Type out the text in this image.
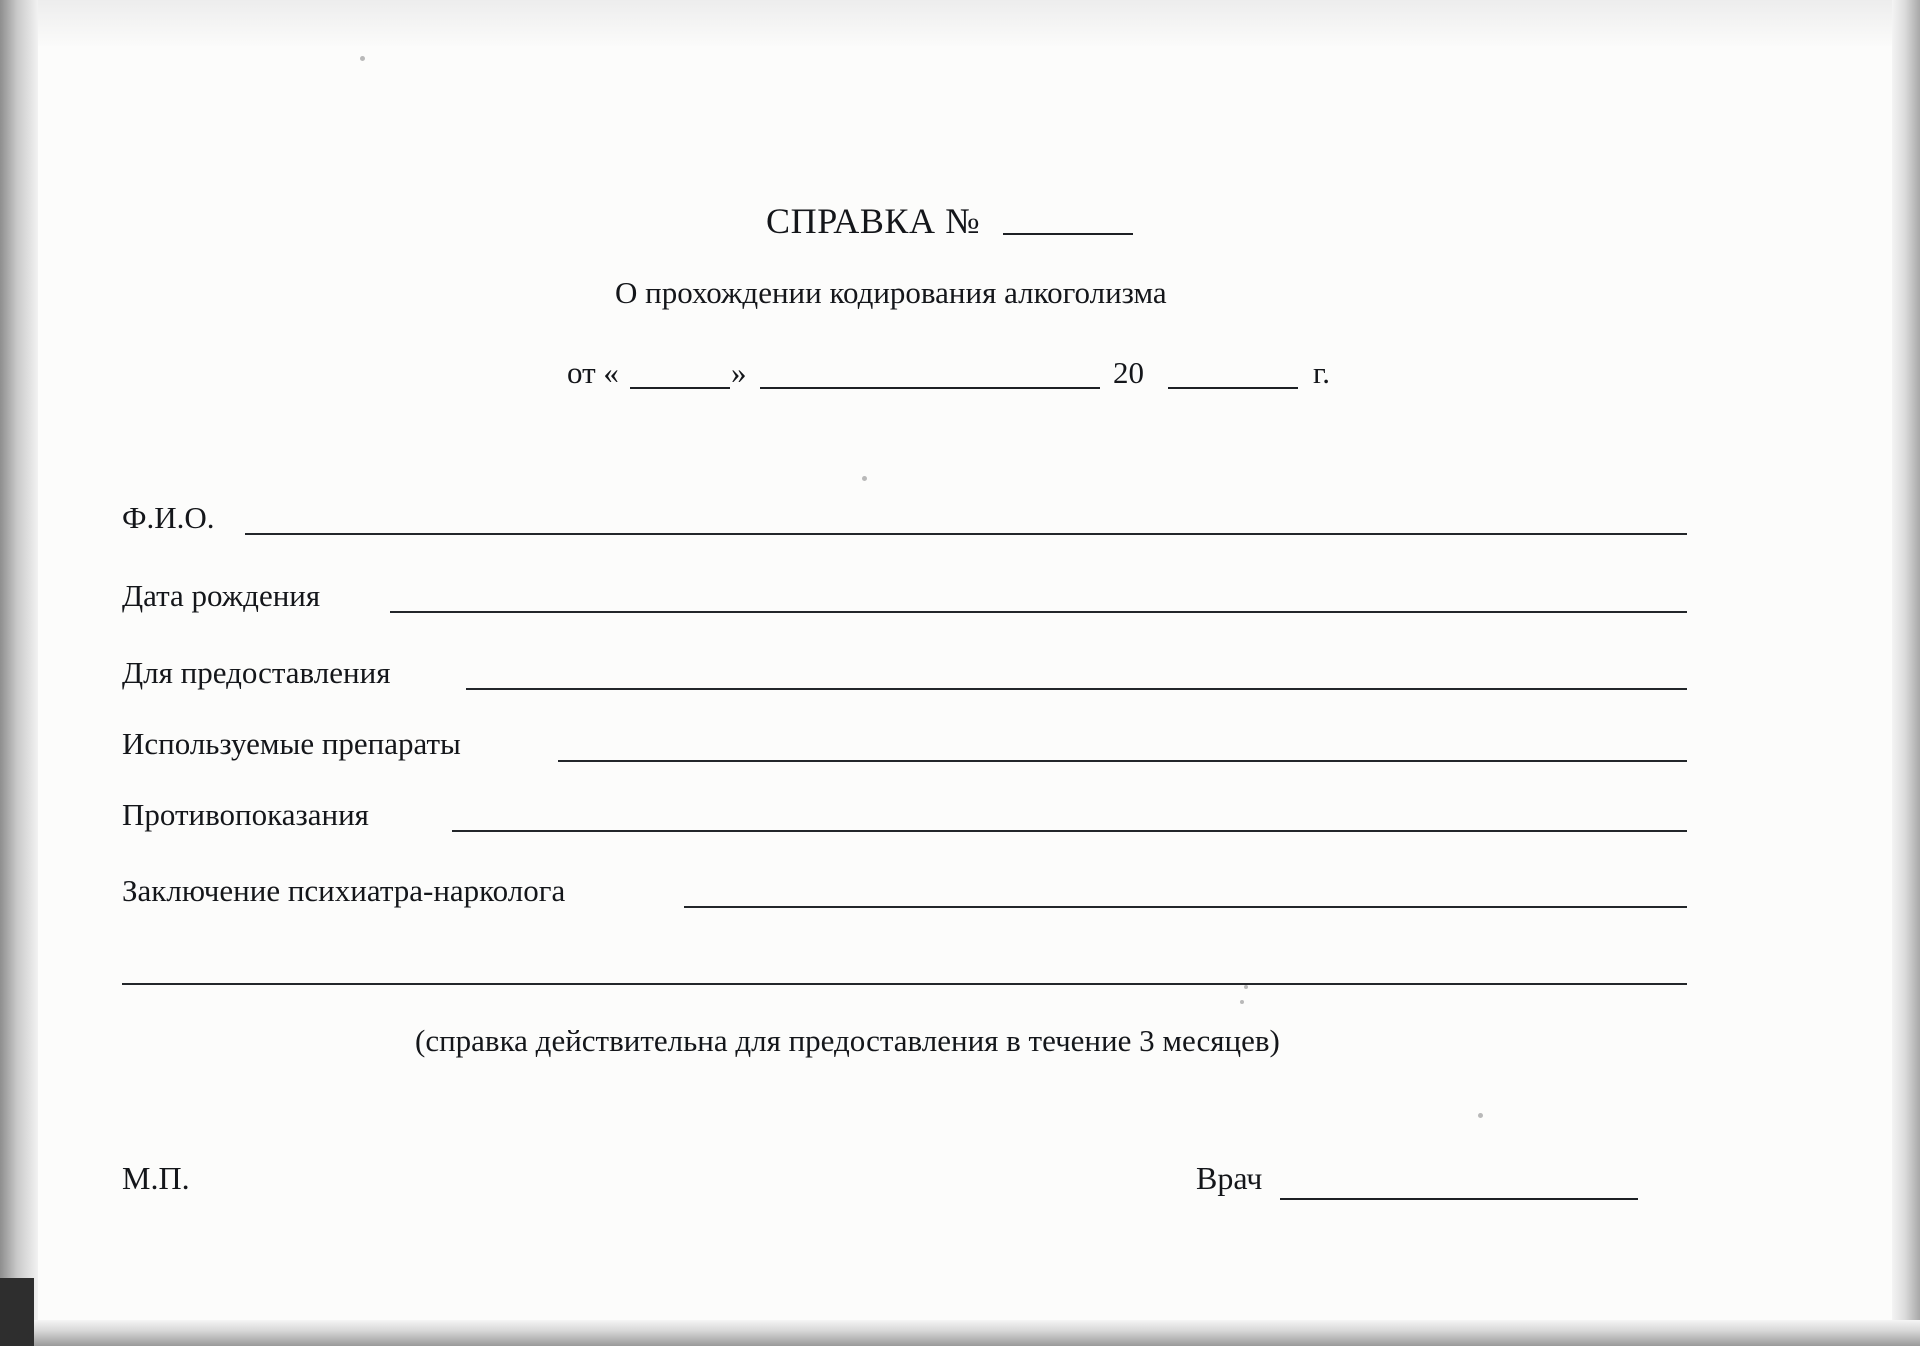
СПРАВКА №
О прохождении кодирования алкоголизма
от «	»	20	г.
Ф.И.О.
Дата рождения
Для предоставления
Используемые препараты
Противопоказания
Заключение психиатра-нарколога
(справка действительна для предоставления в течение 3 месяцев)
М.П.	Врач
